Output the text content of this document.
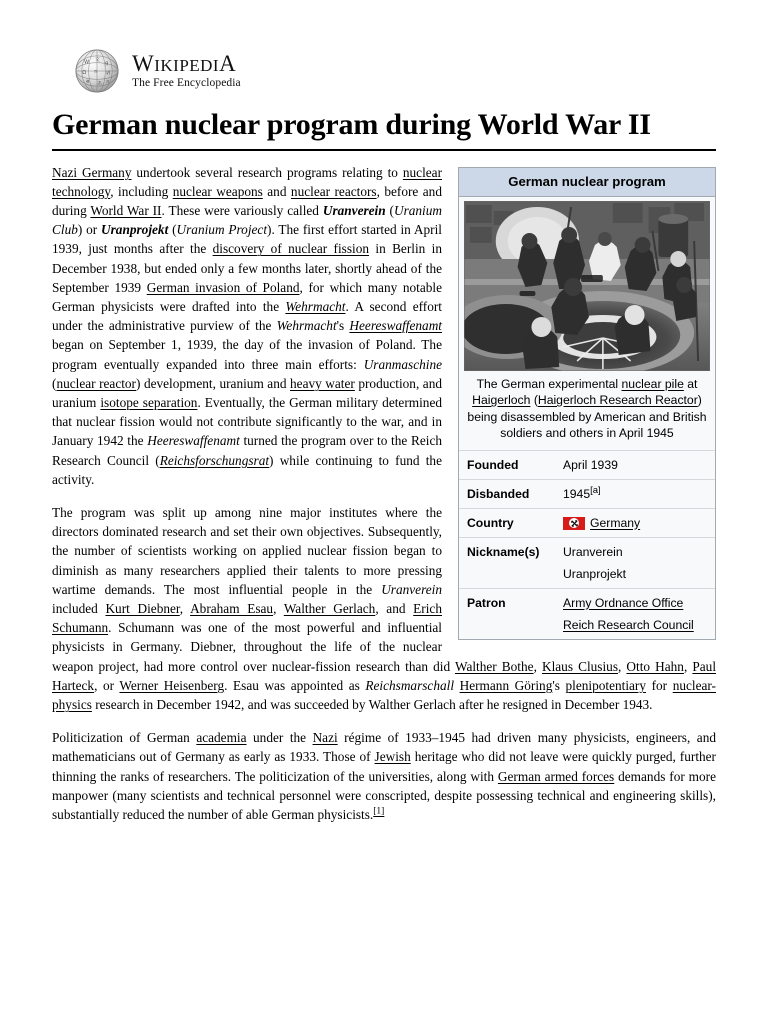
W 文
Я
Ω ח И
स あ ก
WIKIPEDIA
The Free Encyclopedia
German nuclear program during World War II
German nuclear program
The German experimental nuclear pile at Haigerloch (Haigerloch Research Reactor) being disassembled by American and British soldiers and others in April 1945
Founded	April 1939
Disbanded	1945[a]
Country	Germany
Nickname(s)	Uranverein
Uranprojekt

Patron	Army Ordnance Office
Reich Research Council

Nazi Germany undertook several research programs relating to nuclear technology, including nuclear weapons and nuclear reactors, before and during World War II. These were variously called Uranverein (Uranium Club) or Uranprojekt (Uranium Project). The first effort started in April 1939, just months after the discovery of nuclear fission in Berlin in December 1938, but ended only a few months later, shortly ahead of the September 1939 German invasion of Poland, for which many notable German physicists were drafted into the Wehrmacht. A second effort under the administrative purview of the Wehrmacht's Heereswaffenamt began on September 1, 1939, the day of the invasion of Poland. The program eventually expanded into three main efforts: Uranmaschine (nuclear reactor) development, uranium and heavy water production, and uranium isotope separation. Eventually, the German military determined that nuclear fission would not contribute significantly to the war, and in January 1942 the Heereswaffenamt turned the program over to the Reich Research Council (Reichsforschungsrat) while continuing to fund the activity.

The program was split up among nine major institutes where the directors dominated research and set their own objectives. Subsequently, the number of scientists working on applied nuclear fission began to diminish as many researchers applied their talents to more pressing wartime demands. The most influential people in the Uranverein included Kurt Diebner, Abraham Esau, Walther Gerlach, and Erich Schumann. Schumann was one of the most powerful and influential physicists in Germany. Diebner, throughout the life of the nuclear weapon project, had more control over nuclear-fission research than did Walther Bothe, Klaus Clusius, Otto Hahn, Paul Harteck, or Werner Heisenberg. Esau was appointed as Reichsmarschall Hermann Göring's plenipotentiary for nuclear-physics research in December 1942, and was succeeded by Walther Gerlach after he resigned in December 1943.

Politicization of German academia under the Nazi régime of 1933–1945 had driven many physicists, engineers, and mathematicians out of Germany as early as 1933. Those of Jewish heritage who did not leave were quickly purged, further thinning the ranks of researchers. The politicization of the universities, along with German armed forces demands for more manpower (many scientists and technical personnel were conscripted, despite possessing technical and engineering skills), substantially reduced the number of able German physicists.[1]
